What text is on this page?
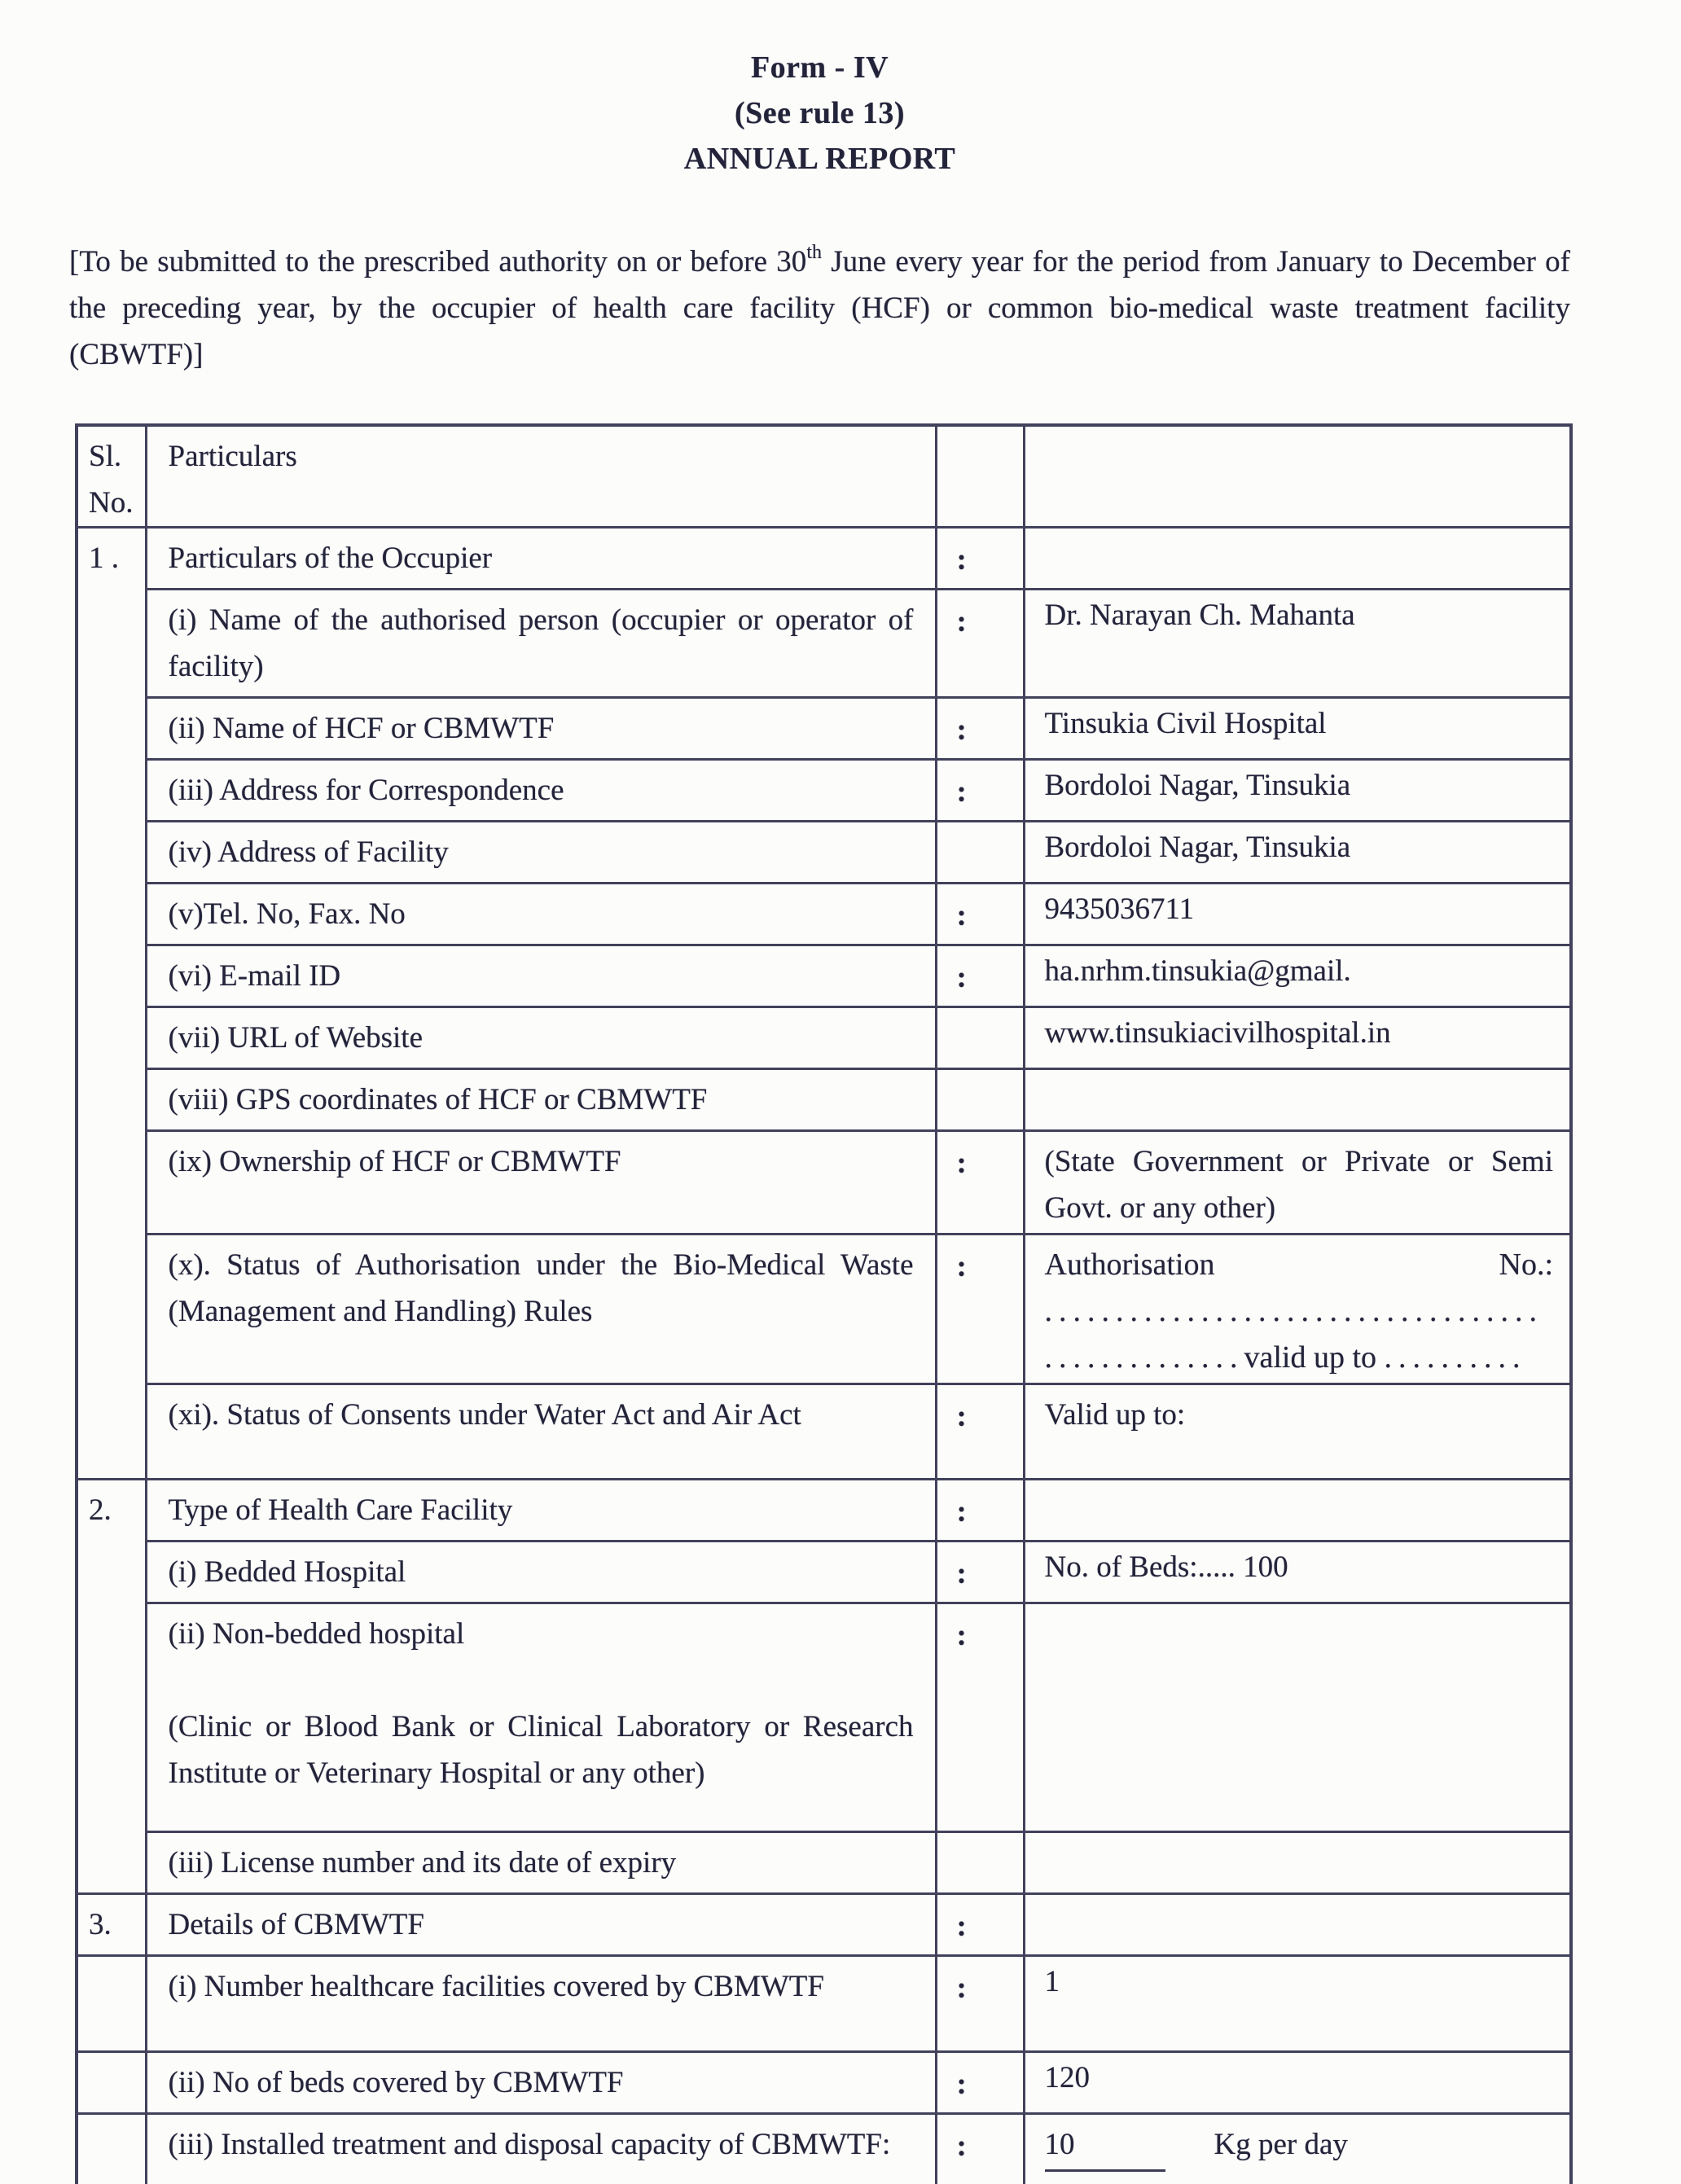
Form - IV
(See rule 13)
ANNUAL REPORT
[To be submitted to the prescribed authority on or before 30th June every year for the period from January to December of the preceding year, by the occupier of health care facility (HCF) or common bio-medical waste treatment facility (CBWTF)]
Sl.
No.	Particulars		
1 .	Particulars of the Occupier	:	
	(i) Name of the authorised person (occupier or operator of facility)	:	Dr. Narayan Ch. Mahanta
	(ii) Name of HCF or CBMWTF	:	Tinsukia Civil Hospital
	(iii) Address for Correspondence	:	Bordoloi Nagar, Tinsukia
	(iv) Address of Facility		Bordoloi Nagar, Tinsukia
	(v)Tel. No, Fax. No	:	9435036711
	(vi) E-mail ID	:	ha.nrhm.tinsukia@gmail.
	(vii) URL of Website		www.tinsukiacivilhospital.in
	(viii) GPS coordinates of HCF or CBMWTF		
	(ix) Ownership of HCF or CBMWTF	:	(State Government or Private or Semi Govt. or any other)
	(x). Status of Authorisation under the Bio-Medical Waste (Management and Handling) Rules	:	Authorisation No.:
...................................
..............valid up to ..........

	(xi). Status of Consents under Water Act and Air Act	:	Valid up to:
2.	Type of Health Care Facility	:	
	(i) Bedded Hospital	:	No. of Beds:..... 100

	(ii) Non-bedded hospital
(Clinic or Blood Bank or Clinical Laboratory or Research Institute or Veterinary Hospital or any other)	:	
	(iii) License number and its date of expiry		
3.	Details of CBMWTF	:	
	(i) Number healthcare facilities covered by CBMWTF	:	1
	(ii) No of beds covered by CBMWTF	:	120
	(iii) Installed treatment and disposal capacity of CBMWTF:	:	10 Kg per day
